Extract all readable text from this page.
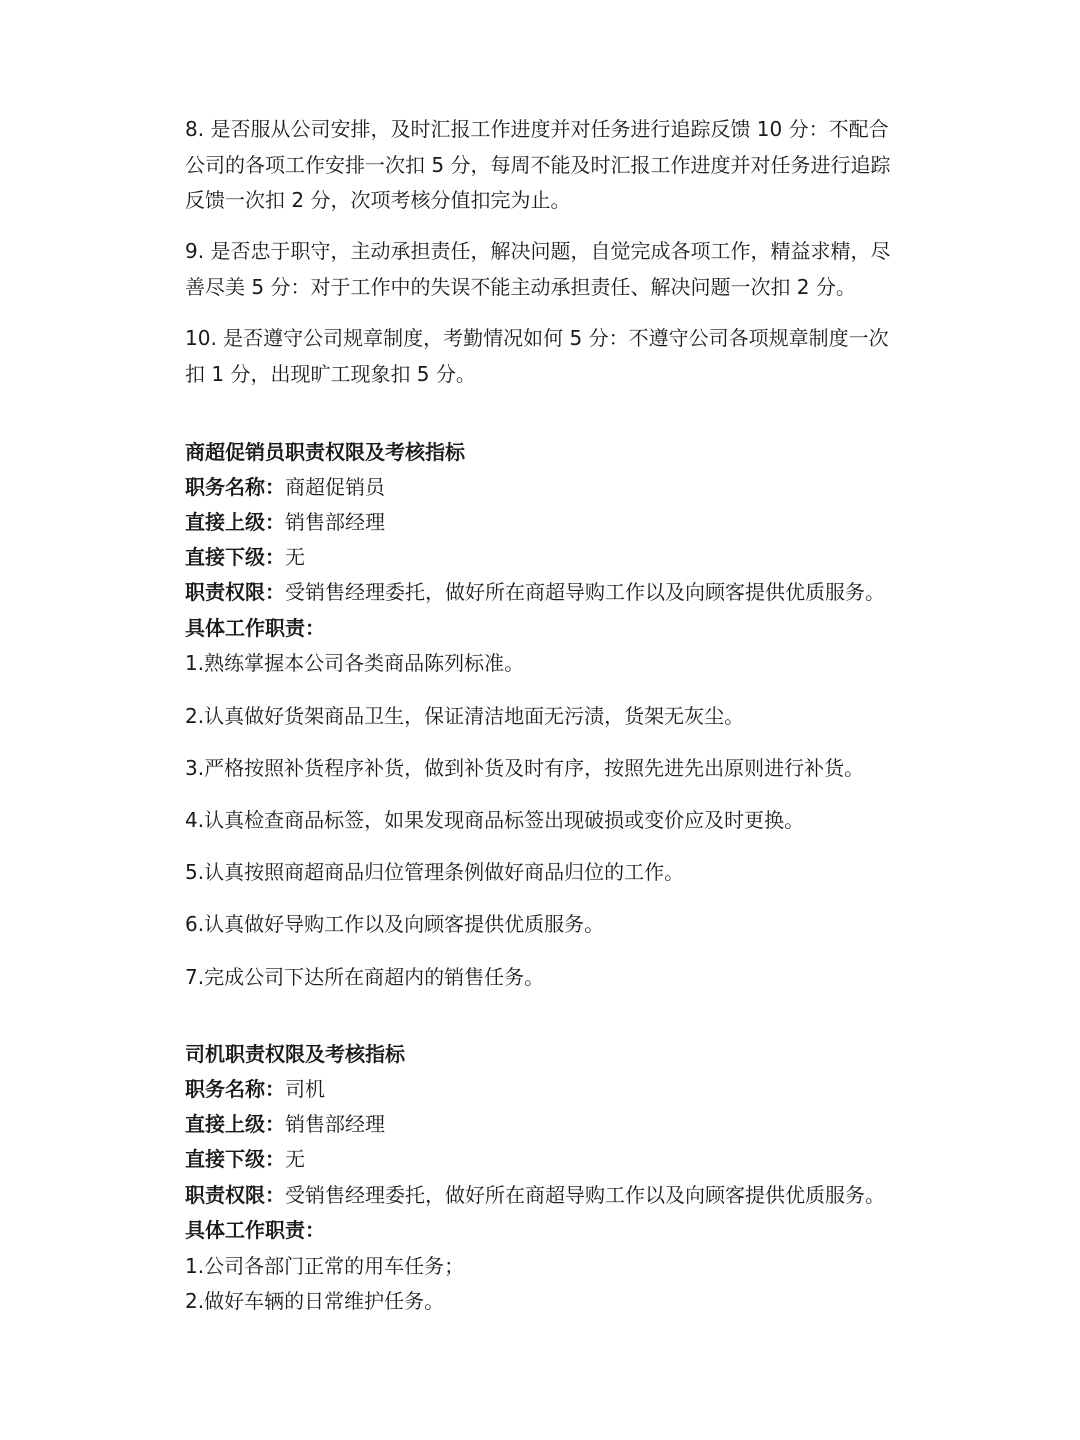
8. 是否服从公司安排，及时汇报工作进度并对任务进行追踪反馈 10 分：不配合公司的各项工作安排一次扣 5 分，每周不能及时汇报工作进度并对任务进行追踪反馈一次扣 2 分，次项考核分值扣完为止。

9. 是否忠于职守，主动承担责任，解决问题，自觉完成各项工作，精益求精，尽善尽美 5 分：对于工作中的失误不能主动承担责任、解决问题一次扣 2 分。

10. 是否遵守公司规章制度，考勤情况如何 5 分：不遵守公司各项规章制度一次扣 1 分，出现旷工现象扣 5 分。

商超促销员职责权限及考核指标
职务名称：商超促销员
直接上级：销售部经理
直接下级：无
职责权限：受销售经理委托，做好所在商超导购工作以及向顾客提供优质服务。
具体工作职责：
1.熟练掌握本公司各类商品陈列标准。
2.认真做好货架商品卫生，保证清洁地面无污渍，货架无灰尘。
3.严格按照补货程序补货，做到补货及时有序，按照先进先出原则进行补货。
4.认真检查商品标签，如果发现商品标签出现破损或变价应及时更换。
5.认真按照商超商品归位管理条例做好商品归位的工作。
6.认真做好导购工作以及向顾客提供优质服务。
7.完成公司下达所在商超内的销售任务。
司机职责权限及考核指标
职务名称：司机
直接上级：销售部经理
直接下级：无
职责权限：受销售经理委托，做好所在商超导购工作以及向顾客提供优质服务。
具体工作职责：
1.公司各部门正常的用车任务；
2.做好车辆的日常维护任务。
